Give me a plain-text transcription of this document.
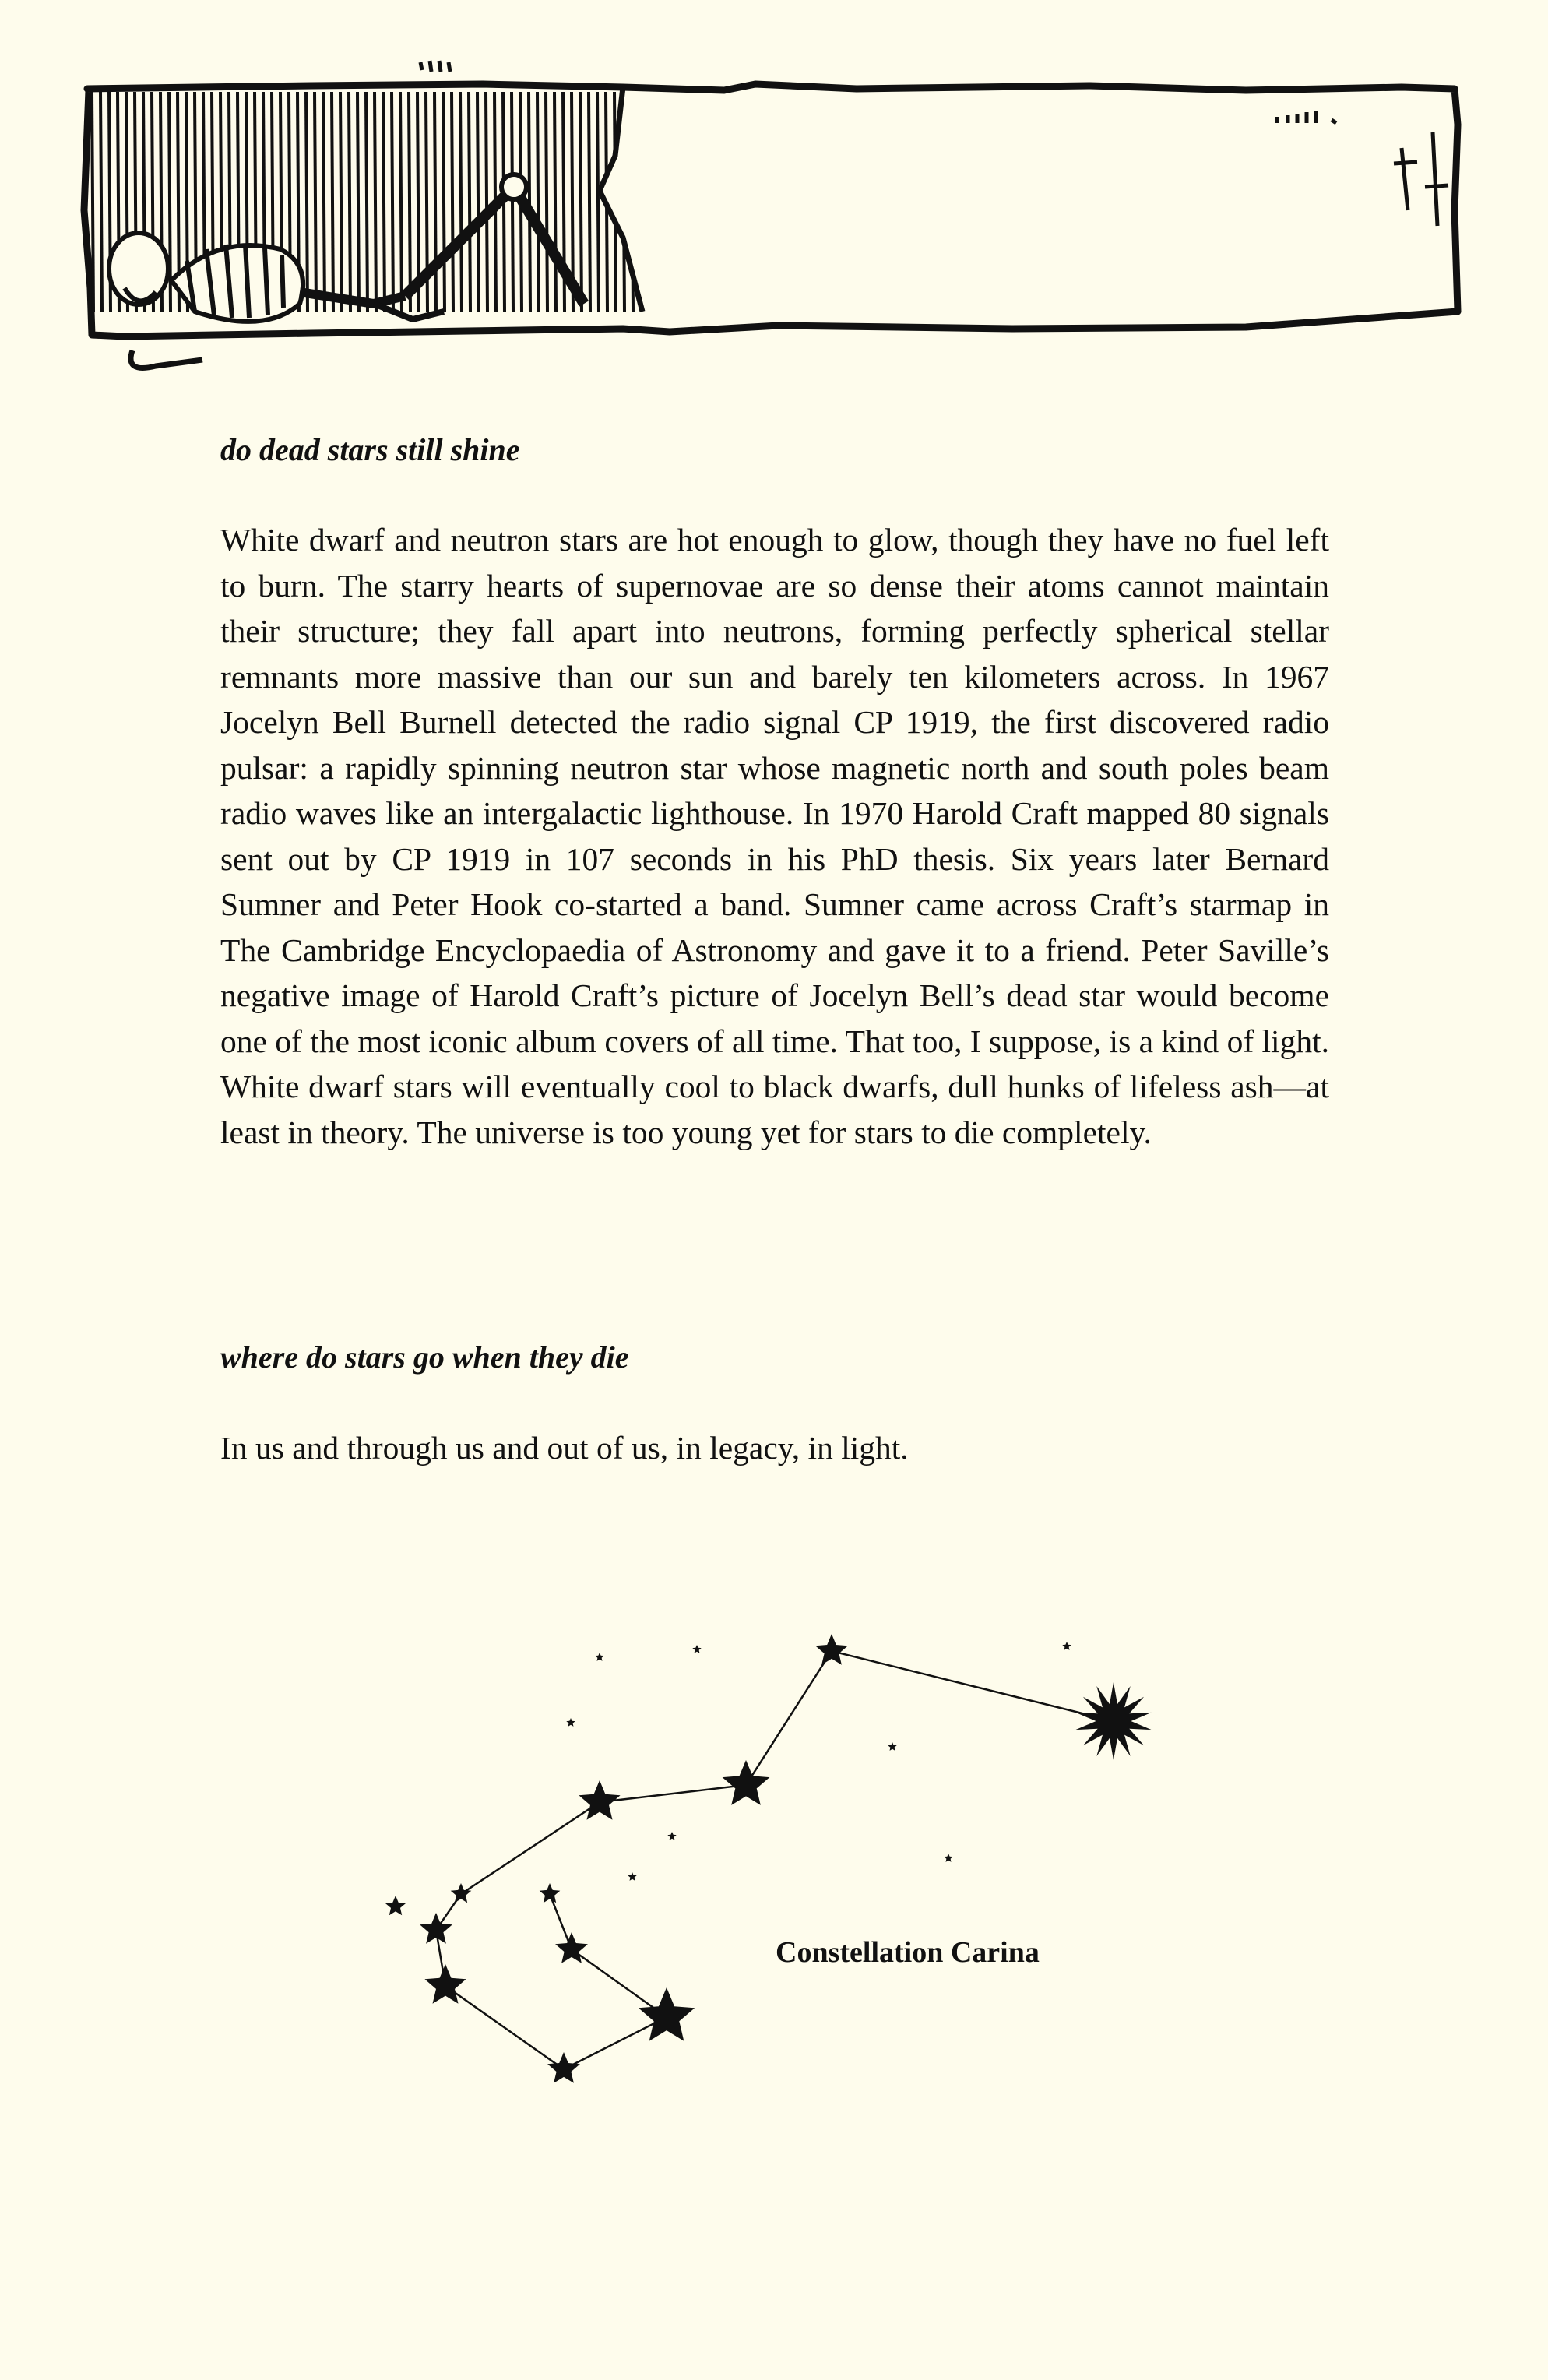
do dead stars still shine

White dwarf and neutron stars are hot enough to glow, though they have no fuel left to burn. The starry hearts of supernovae are so dense their atoms cannot maintain their structure; they fall apart into neutrons, forming perfectly spherical stellar remnants more massive than our sun and barely ten kilometers across. In 1967 Jocelyn Bell Burnell detected the radio signal CP 1919, the first discovered radio pulsar: a rapidly spinning neutron star whose magnetic north and south poles beam radio waves like an intergalactic lighthouse. In 1970 Harold Craft mapped 80 signals sent out by CP 1919 in 107 seconds in his PhD thesis. Six years later Bernard Sumner and Peter Hook co-started a band. Sumner came across Craft’s starmap in The Cambridge Encyclopaedia of Astronomy and gave it to a friend. Peter Saville’s negative image of Harold Craft’s picture of Jocelyn Bell’s dead star would become one of the most iconic album covers of all time. That too, I suppose, is a kind of light. White dwarf stars will eventually cool to black dwarfs, dull hunks of lifeless ash—at least in theory. The universe is too young yet for stars to die completely.

where do stars go when they die

In us and through us and out of us, in legacy, in light.

Constellation Carina
